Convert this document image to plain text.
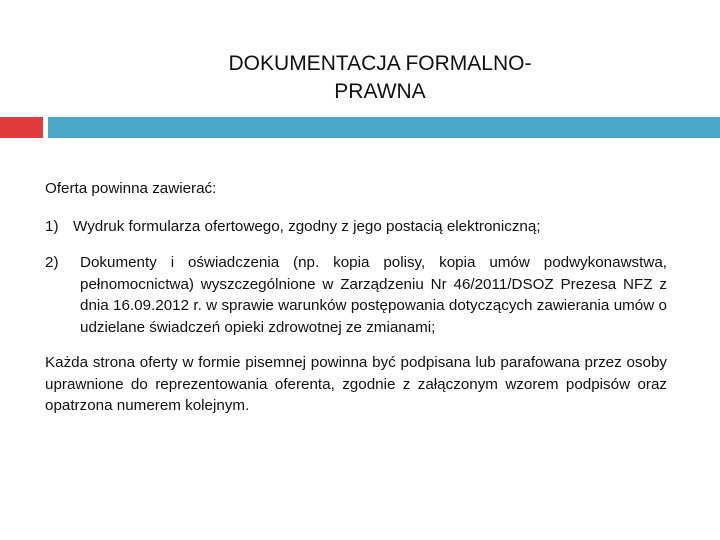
DOKUMENTACJA FORMALNO-
PRAWNA
Oferta powinna zawierać:
1) Wydruk formularza ofertowego, zgodny z jego postacią elektroniczną;
2)	Dokumenty i oświadczenia (np. kopia polisy, kopia umów podwykonawstwa, pełnomocnictwa) wyszczególnione w Zarządzeniu Nr 46/2011/DSOZ Prezesa NFZ z dnia 16.09.2012 r. w sprawie warunków postępowania dotyczących zawierania umów o udzielane świadczeń opieki zdrowotnej ze zmianami;

Każda strona oferty w formie pisemnej powinna być podpisana lub parafowana przez osoby uprawnione do reprezentowania oferenta, zgodnie z załączonym wzorem podpisów oraz opatrzona numerem kolejnym.
